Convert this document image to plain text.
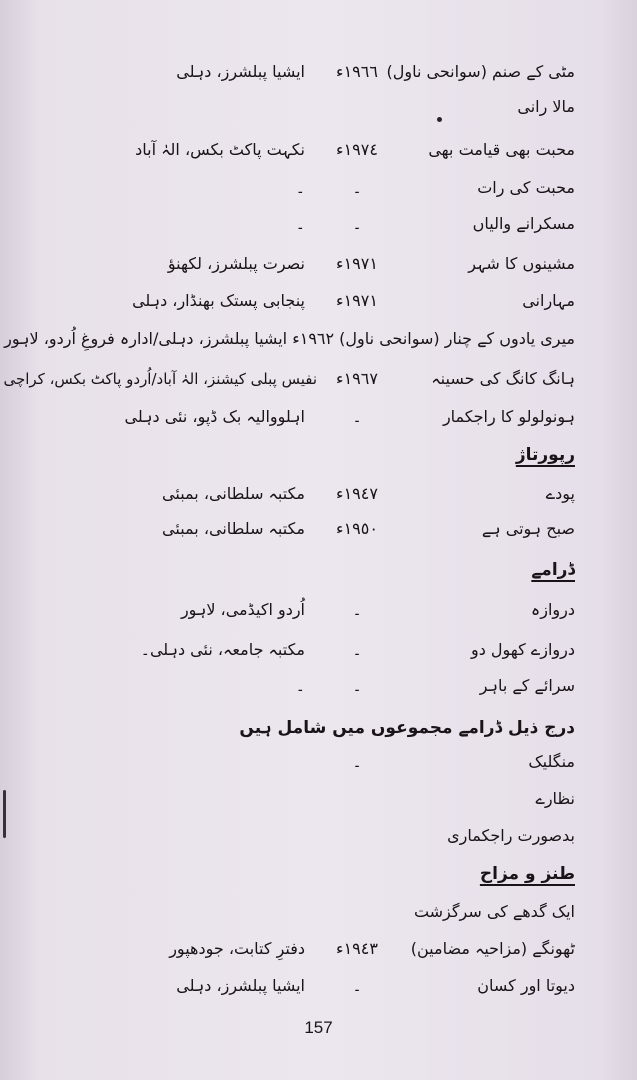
مٹی کے صنم (سوانحی ناول)
١٩٦٦ء
ایشیا پبلشرز، دہلی
مالا رانی
محبت بھی قیامت بھی
١٩٧٤ء
نکہت پاکٹ بکس، الہٰ آباد
محبت کی رات
۔
۔
مسکرانے والیاں
۔
۔
مشینوں کا شہر
١٩٧١ء
نصرت پبلشرز، لکھنؤ
مہارانی
١٩٧١ء
پنجابی پستک بھنڈار، دہلی
میری یادوں کے چنار (سوانحی ناول) ١٩٦٢ء ایشیا پبلشرز، دہلی/ادارہ فروغِ اُردو، لاہور
ہانگ کانگ کی حسینہ
١٩٦٧ء
نفیس پبلی کیشنز، الہٰ آباد/اُردو پاکٹ بکس، کراچی
ہونولولو کا راجکمار
۔
اہلووالیہ بک ڈپو، نئی دہلی
رپورتاژ
پودے
١٩٤٧ء
مکتبہ سلطانی، بمبئی
صبح ہوتی ہے
١٩٥٠ء
مکتبہ سلطانی، بمبئی
ڈرامے
دروازہ
۔
اُردو اکیڈمی، لاہور
دروازے کھول دو
۔
مکتبہ جامعہ، نئی دہلی۔
سرائے کے باہر
۔
۔
درج ذیل ڈرامے مجموعوں میں شامل ہیں
منگلیک
۔
نظارے
بدصورت راجکماری
طنز و مزاح
ایک گدھے کی سرگزشت
ٹھونگے (مزاحیہ مضامین)
١٩٤٣ء
دفترِ کتابت، جودھپور
دیوتا اور کسان
۔
ایشیا پبلشرز، دہلی
157
